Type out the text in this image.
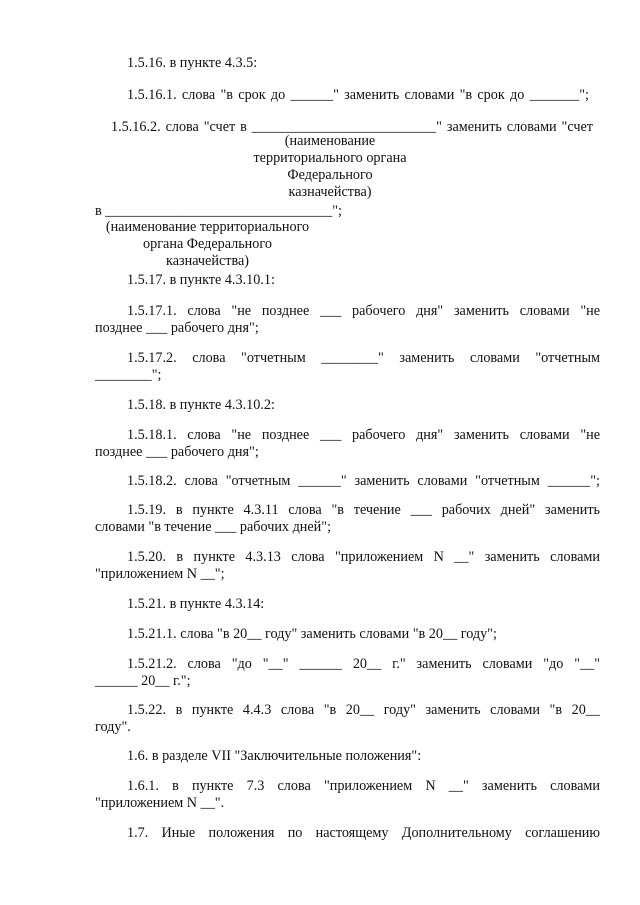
1.5.16. в пункте 4.3.5:
1.5.16.1. слова "в срок до ______" заменить словами "в срок до _______";
1.5.16.2. слова "счет в __________________________" заменить словами "счет
(наименование
территориального органа
Федерального
казначейства)
в ________________________________";
(наименование территориального
органа Федерального
казначейства)
1.5.17. в пункте 4.3.10.1:
1.5.17.1. слова "не позднее ___ рабочего дня" заменить словами "не
позднее ___ рабочего дня";
1.5.17.2. слова "отчетным ________" заменить словами "отчетным
________";
1.5.18. в пункте 4.3.10.2:
1.5.18.1. слова "не позднее ___ рабочего дня" заменить словами "не
позднее ___ рабочего дня";
1.5.18.2. слова "отчетным ______" заменить словами "отчетным ______";
1.5.19. в пункте 4.3.11 слова "в течение ___ рабочих дней" заменить
словами "в течение ___ рабочих дней";
1.5.20. в пункте 4.3.13 слова "приложением N __" заменить словами
"приложением N __";
1.5.21. в пункте 4.3.14:
1.5.21.1. слова "в 20__ году" заменить словами "в 20__ году";
1.5.21.2. слова "до "__" ______ 20__ г." заменить словами "до "__"
______ 20__ г.";
1.5.22. в пункте 4.4.3 слова "в 20__ году" заменить словами "в 20__
году".
1.6. в разделе VII "Заключительные положения":
1.6.1. в пункте 7.3 слова "приложением N __" заменить словами
"приложением N __".
1.7. Иные положения по настоящему Дополнительному соглашению
